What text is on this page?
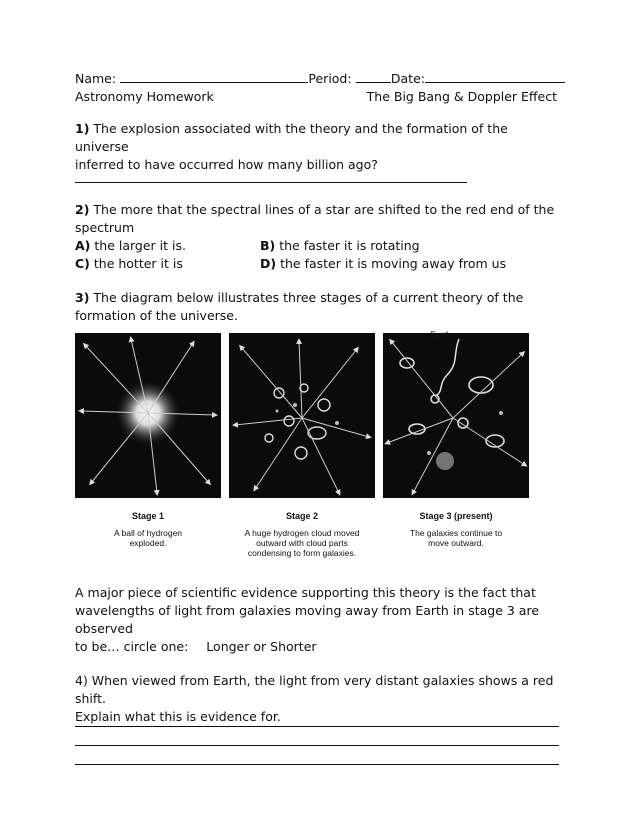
Name:	Period:	Date:
Astronomy Homework	The Big Bang & Doppler Effect
1) The explosion associated with the theory and the formation of the universe
inferred to have occurred how many billion ago?
2) The more that the spectral lines of a star are shifted to the red end of the
spectrum
A) the larger it is.	B) the faster it is rotating
C) the hotter it is	D) the faster it is moving away from us
3) The diagram below illustrates three stages of a current theory of the
formation of the universe.
Earth
:
Stage 1
A ball of hydrogen exploded.
Stage 2
A huge hydrogen cloud moved outward with cloud parts condensing to form galaxies.
Stage 3 (present)
The galaxies continue to move outward.
A major piece of scientific evidence supporting this theory is the fact that
wavelengths of light from galaxies moving away from Earth in stage 3 are observed
to be… circle one: Longer or Shorter
4) When viewed from Earth, the light from very distant galaxies shows a red shift.
Explain what this is evidence for.
